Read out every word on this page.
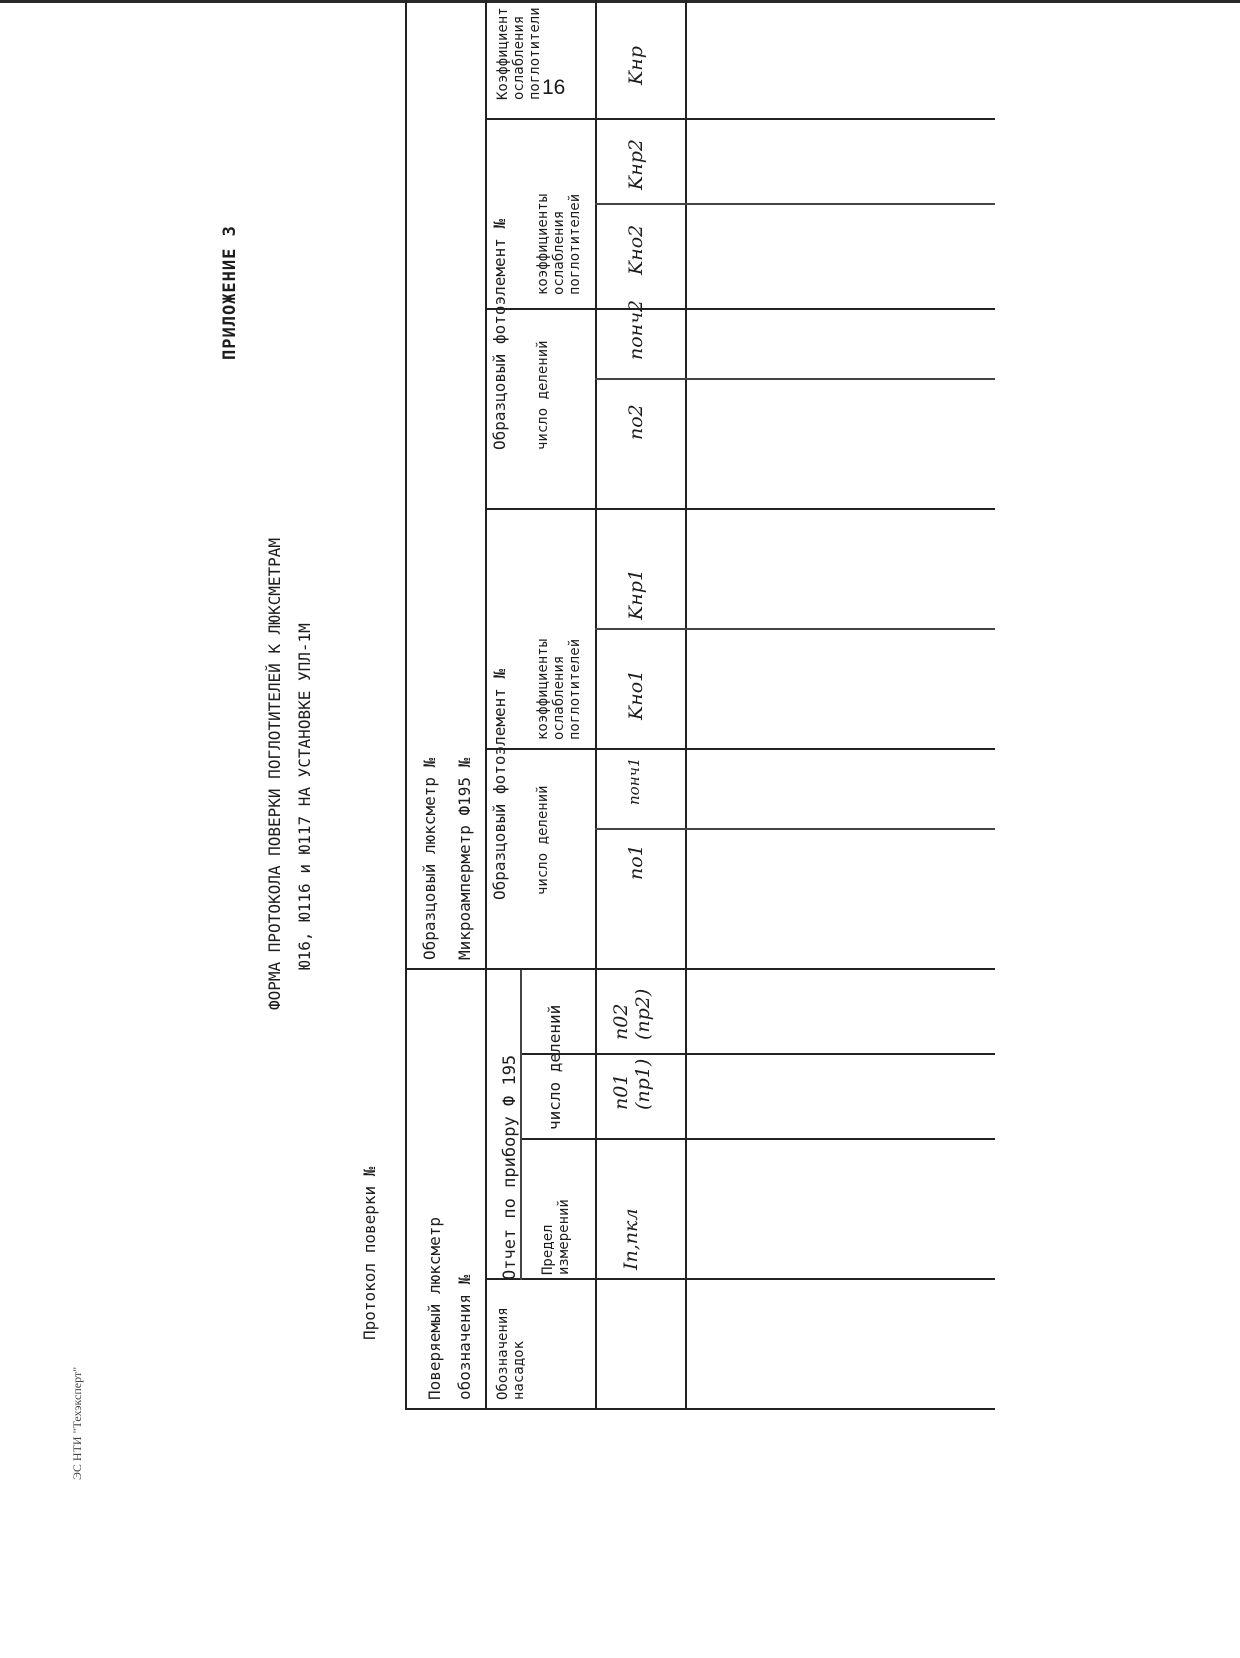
ЭС НТИ "Техэксперт"
16
ПРИЛОЖЕНИЕ 3
ФОРМА ПРОТОКОЛА ПОВЕРКИ ПОГЛОТИТЕЛЕЙ К ЛЮКСМЕТРАМ Ю16, Ю116 и Ю117 НА УСТАНОВКЕ УПЛ-1М
Протокол поверки №	Поверяемый люксметр обозначения №
Образцовый люксметр № Микроамперметр Ф195 №
Обозначения насадок
Отчет по прибору Ф 195 Предел измерений
число делений
Образцовый фотоэлемент №
Образцовый фотоэлемент №
число делений
коэффициенты ослабления поглотителей
число делений
коэффициенты ослабления поглотителей
Коэффициент ослабления поглотители
Iп,пкл
n01 (nр1)
n02 (nр2)
nо1
nонч1
Kно1
Kнр1
nо2
nонч2
Kно2
Kнр2
Kнр
